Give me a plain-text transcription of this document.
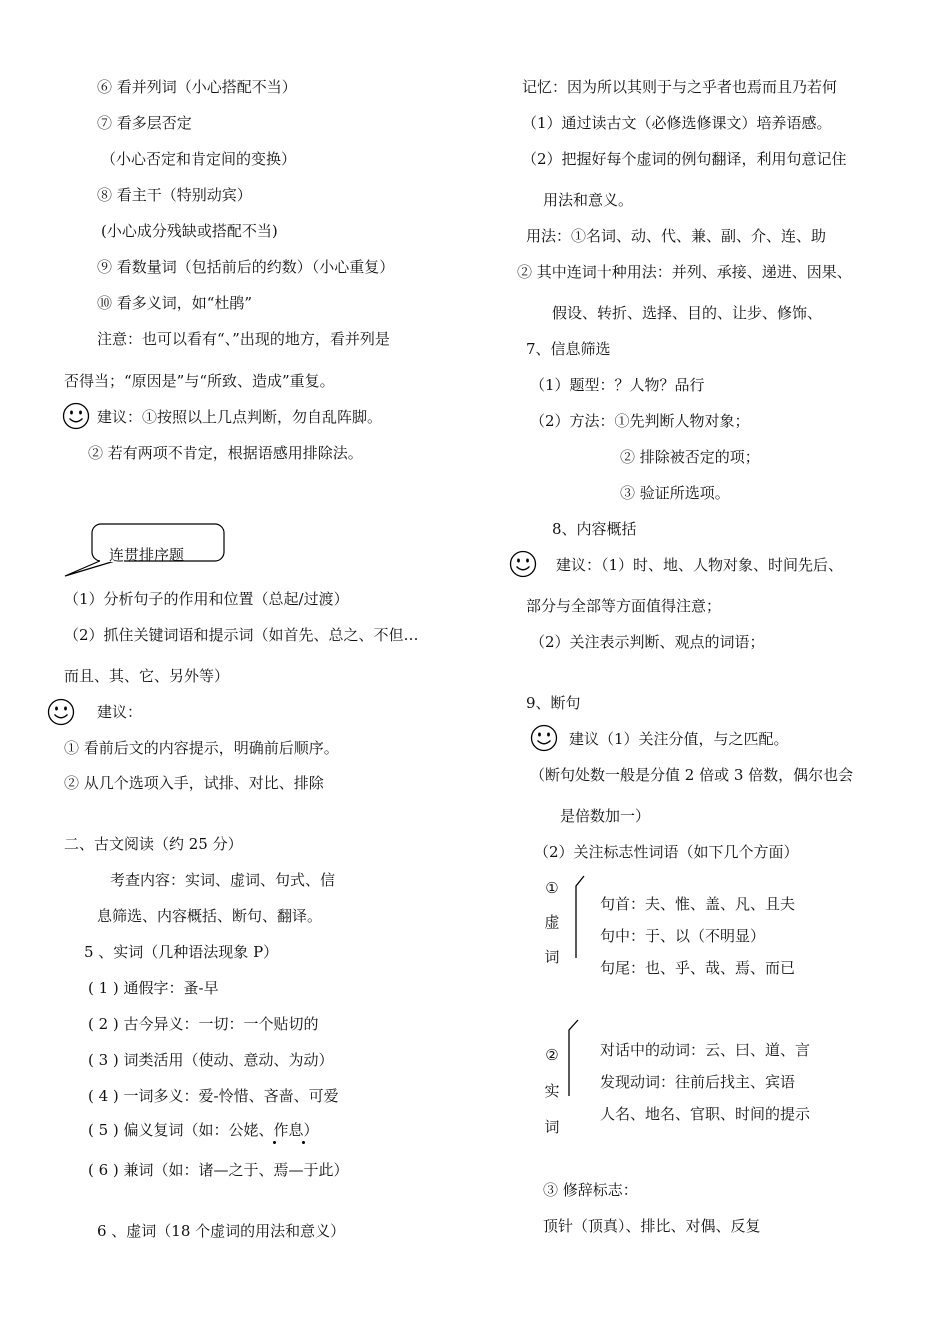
⑥ 看并列词（小心搭配不当）
⑦ 看多层否定
（小心否定和肯定间的变换）
⑧ 看主干（特别动宾）
(小心成分残缺或搭配不当)
⑨ 看数量词（包括前后的约数）（小心重复）
⑩ 看多义词，如“杜鹃”
注意：也可以看有“、”出现的地方，看并列是
否得当；“原因是”与“所致、造成”重复。
建议：①按照以上几点判断，勿自乱阵脚。
② 若有两项不肯定，根据语感用排除法。
连贯排序题
（1）分析句子的作用和位置（总起/过渡）
（2）抓住关键词语和提示词（如首先、总之、不但…
而且、其、它、另外等）
建议：
① 看前后文的内容提示，明确前后顺序。
② 从几个选项入手，试排、对比、排除
二、古文阅读（约 25 分）
考查内容：实词、虚词、句式、信
息筛选、内容概括、断句、翻译。
5 、实词（几种语法现象 P）
( 1 ) 通假字：蚤-早
( 2 ) 古今异义：一切：一个贴切的
( 3 ) 词类活用（使动、意动、为动）
( 4 ) 一词多义：爱-怜惜、吝啬、可爱
( 5 ) 偏义复词（如：公姥、作息）
( 6 ) 兼词（如：诸—之于、焉—于此）
6 、虚词（18 个虚词的用法和意义）
记忆：因为所以其则于与之乎者也焉而且乃若何
（1）通过读古文（必修选修课文）培养语感。
（2）把握好每个虚词的例句翻译，利用句意记住
用法和意义。
用法：①名词、动、代、兼、副、介、连、助
② 其中连词十种用法：并列、承接、递进、因果、
假设、转折、选择、目的、让步、修饰、
7、信息筛选
（1）题型：？人物？品行
（2）方法：①先判断人物对象；
② 排除被否定的项；
③ 验证所选项。
8、内容概括
建议：（1）时、地、人物对象、时间先后、
部分与全部等方面值得注意；
（2）关注表示判断、观点的词语；
9、断句
建议（1）关注分值，与之匹配。
（断句处数一般是分值 2 倍或 3 倍数，偶尔也会
是倍数加一）
（2）关注标志性词语（如下几个方面）
①
虚
词
句首：夫、惟、盖、凡、且夫
句中：于、以（不明显）
句尾：也、乎、哉、焉、而已
②
实
词
对话中的动词：云、曰、道、言
发现动词：往前后找主、宾语
人名、地名、官职、时间的提示
③ 修辞标志：
顶针（顶真）、排比、对偶、反复
